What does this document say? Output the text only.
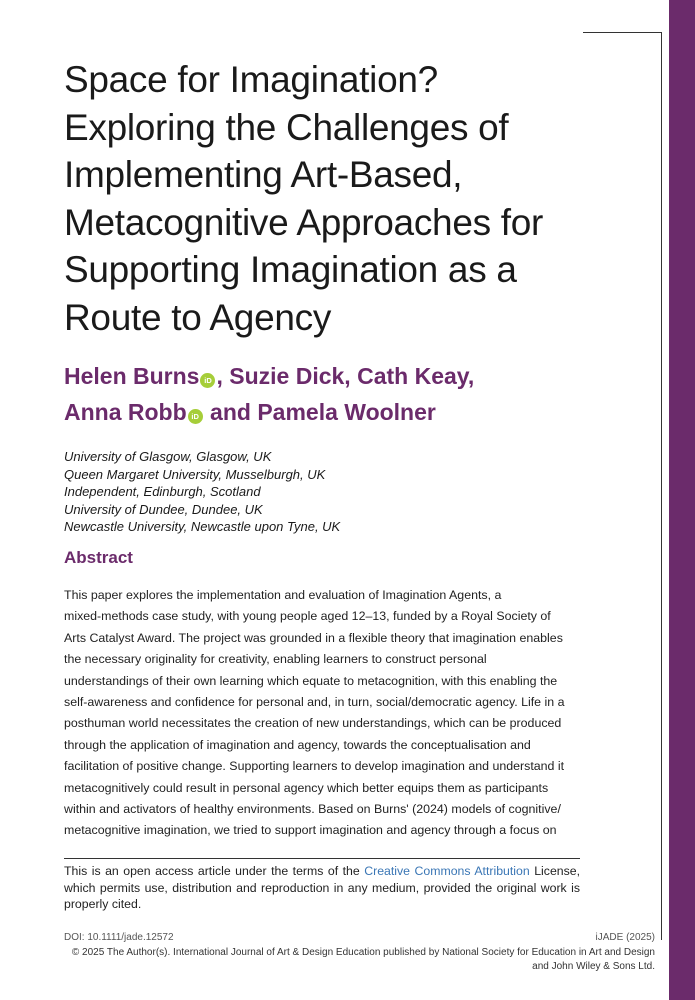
Space for Imagination?
Exploring the Challenges of
Implementing Art-Based,
Metacognitive Approaches for
Supporting Imagination as a
Route to Agency
Helen Burns iD , Suzie Dick, Cath Keay,
Anna Robb iD and Pamela Woolner
University of Glasgow, Glasgow, UK
Queen Margaret University, Musselburgh, UK
Independent, Edinburgh, Scotland
University of Dundee, Dundee, UK
Newcastle University, Newcastle upon Tyne, UK
Abstract
This paper explores the implementation and evaluation of Imagination Agents, a
mixed-methods case study, with young people aged 12–13, funded by a Royal Society of
Arts Catalyst Award. The project was grounded in a flexible theory that imagination enables
the necessary originality for creativity, enabling learners to construct personal
understandings of their own learning which equate to metacognition, with this enabling the
self-awareness and confidence for personal and, in turn, social/democratic agency. Life in a
posthuman world necessitates the creation of new understandings, which can be produced
through the application of imagination and agency, towards the conceptualisation and
facilitation of positive change. Supporting learners to develop imagination and understand it
metacognitively could result in personal agency which better equips them as participants
within and activators of healthy environments. Based on Burns' (2024) models of cognitive/
metacognitive imagination, we tried to support imagination and agency through a focus on

This is an open access article under the terms of the Creative Commons Attribution License, which permits use, distribution and reproduction in any medium, provided the original work is properly cited.

DOI: 10.1111/jade.12572	iJADE (2025)

© 2025 The Author(s). International Journal of Art & Design Education published by National Society for Education in Art and Design
and John Wiley & Sons Ltd.
